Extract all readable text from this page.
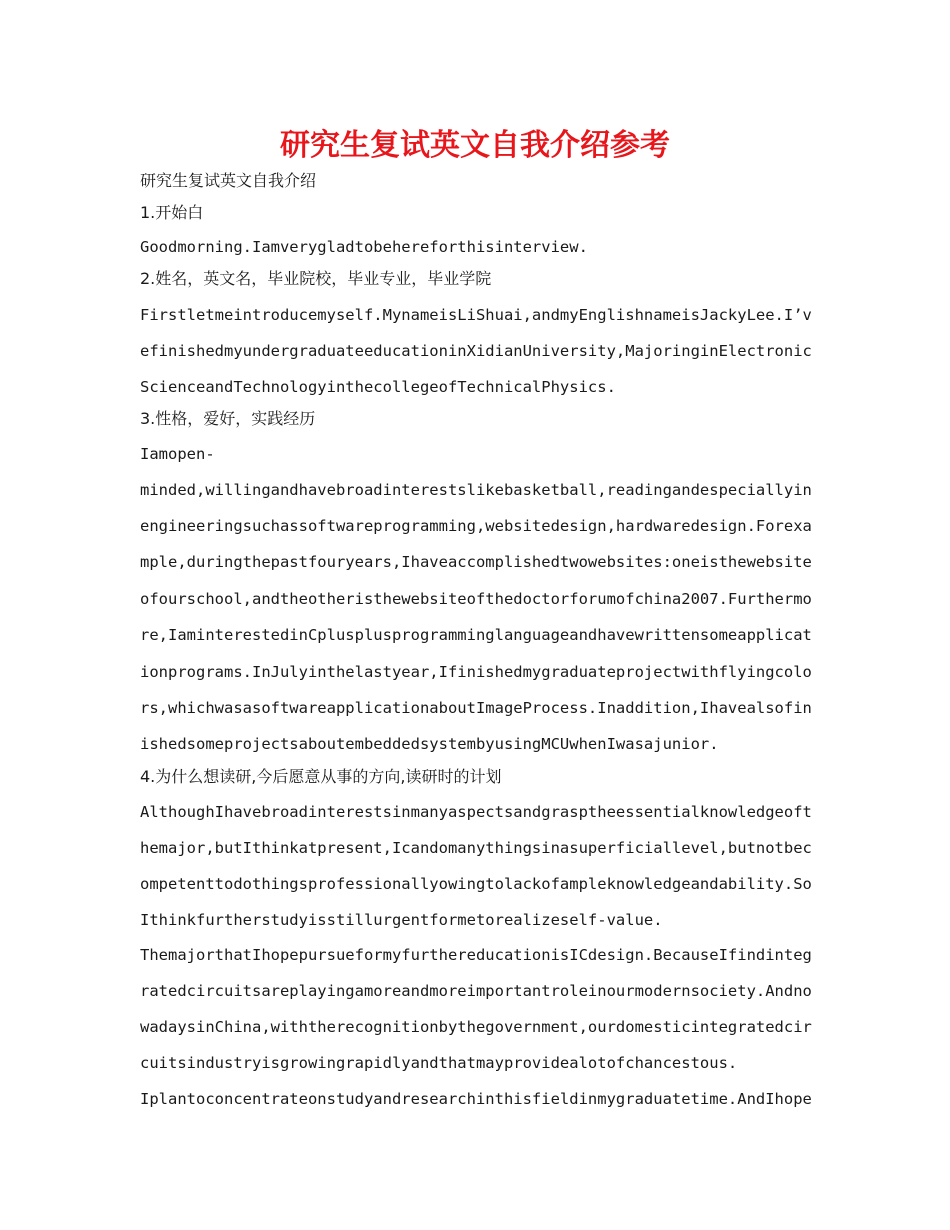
研究生复试英文自我介绍参考

研究生复试英文自我介绍

1.开始白

Goodmorning.Iamverygladtobehereforthisinterview.

2.姓名，英文名，毕业院校，毕业专业，毕业学院

Firstletmeintroducemyself.MynameisLiShuai,andmyEnglishnameisJackyLee.I’v

efinishedmyundergraduateeducationinXidianUniversity,MajoringinElectronic

ScienceandTechnologyinthecollegeofTechnicalPhysics.

3.性格，爱好，实践经历

Iamopen-

minded,willingandhavebroadinterestslikebasketball,readingandespeciallyin

engineeringsuchassoftwareprogramming,websitedesign,hardwaredesign.Forexa

mple,duringthepastfouryears,Ihaveaccomplishedtwowebsites:oneisthewebsite

ofourschool,andtheotheristhewebsiteofthedoctorforumofchina2007.Furthermo

re,IaminterestedinCplusplusprogramminglanguageandhavewrittensomeapplicat

ionprograms.InJulyinthelastyear,Ifinishedmygraduateprojectwithflyingcolo

rs,whichwasasoftwareapplicationaboutImageProcess.Inaddition,Ihavealsofin

ishedsomeprojectsaboutembeddedsystembyusingMCUwhenIwasajunior.

4.为什么想读研,今后愿意从事的方向,读研时的计划

AlthoughIhavebroadinterestsinmanyaspectsandgrasptheessentialknowledgeoft

hemajor,butIthinkatpresent,Icandomanythingsinasuperficiallevel,butnotbec

ompetenttodothingsprofessionallyowingtolackofampleknowledgeandability.So

Ithinkfurtherstudyisstillurgentformetorealizeself-value.

ThemajorthatIhopepursueformyfurthereducationisICdesign.BecauseIfindinteg

ratedcircuitsareplayingamoreandmoreimportantroleinourmodernsociety.Andno

wadaysinChina,withtherecognitionbythegovernment,ourdomesticintegratedcir

cuitsindustryisgrowingrapidlyandthatmayprovidealotofchancestous.

Iplantoconcentrateonstudyandresearchinthisfieldinmygraduatetime.AndIhope
